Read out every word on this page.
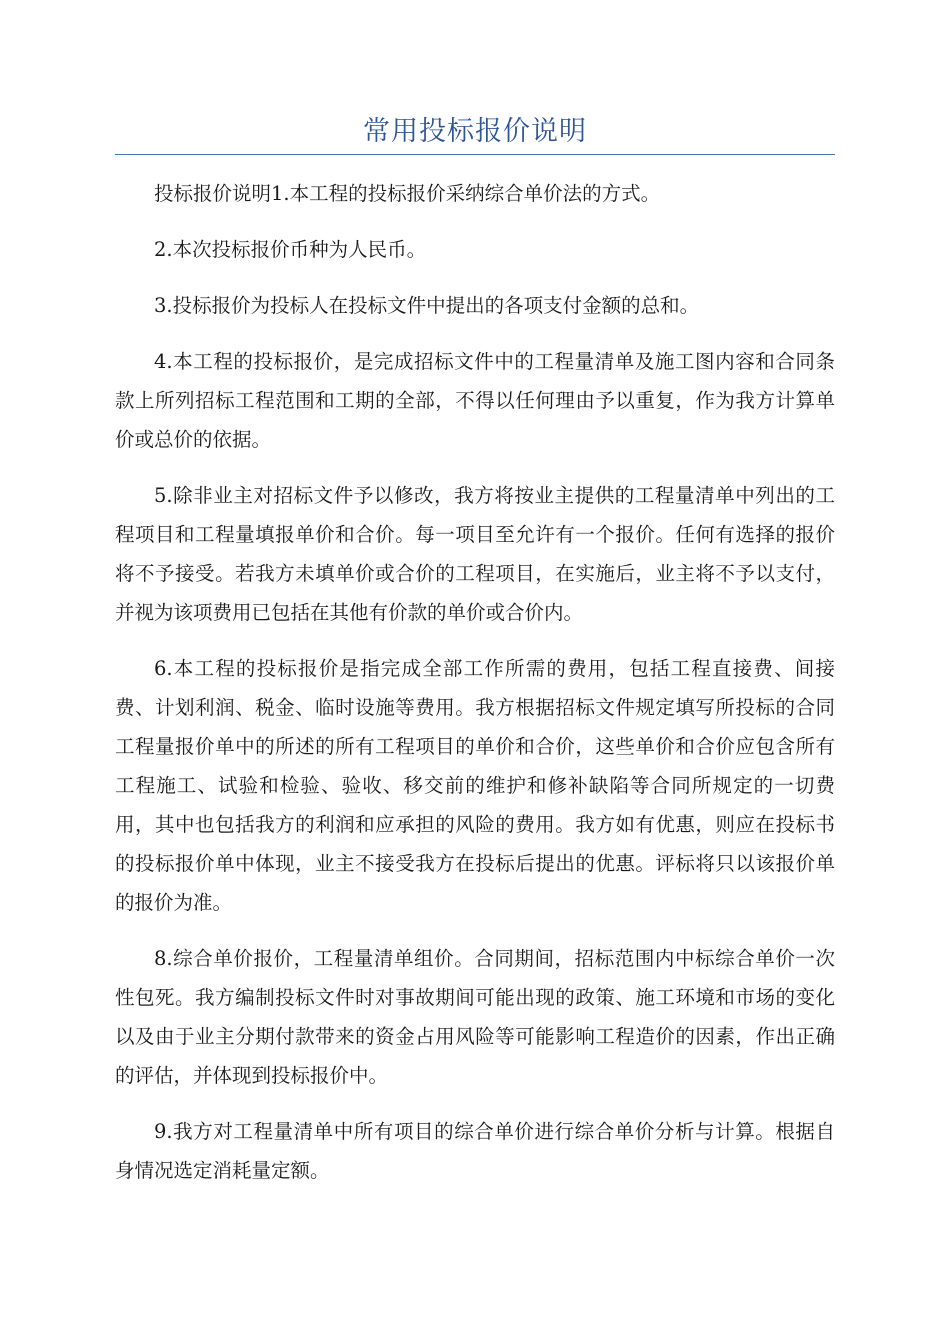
常用投标报价说明

投标报价说明1.本工程的投标报价采纳综合单价法的方式。

2.本次投标报价币种为人民币。

3.投标报价为投标人在投标文件中提出的各项支付金额的总和。

4.本工程的投标报价，是完成招标文件中的工程量清单及施工图内容和合同条款上所列招标工程范围和工期的全部，不得以任何理由予以重复，作为我方计算单价或总价的依据。

5.除非业主对招标文件予以修改，我方将按业主提供的工程量清单中列出的工程项目和工程量填报单价和合价。每一项目至允许有一个报价。任何有选择的报价将不予接受。若我方未填单价或合价的工程项目，在实施后，业主将不予以支付，并视为该项费用已包括在其他有价款的单价或合价内。

6.本工程的投标报价是指完成全部工作所需的费用，包括工程直接费、间接费、计划利润、税金、临时设施等费用。我方根据招标文件规定填写所投标的合同工程量报价单中的所述的所有工程项目的单价和合价，这些单价和合价应包含所有工程施工、试验和检验、验收、移交前的维护和修补缺陷等合同所规定的一切费用，其中也包括我方的利润和应承担的风险的费用。我方如有优惠，则应在投标书的投标报价单中体现，业主不接受我方在投标后提出的优惠。评标将只以该报价单的报价为准。

8.综合单价报价，工程量清单组价。合同期间，招标范围内中标综合单价一次性包死。我方编制投标文件时对事故期间可能出现的政策、施工环境和市场的变化以及由于业主分期付款带来的资金占用风险等可能影响工程造价的因素，作出正确的评估，并体现到投标报价中。

9.我方对工程量清单中所有项目的综合单价进行综合单价分析与计算。根据自身情况选定消耗量定额。
